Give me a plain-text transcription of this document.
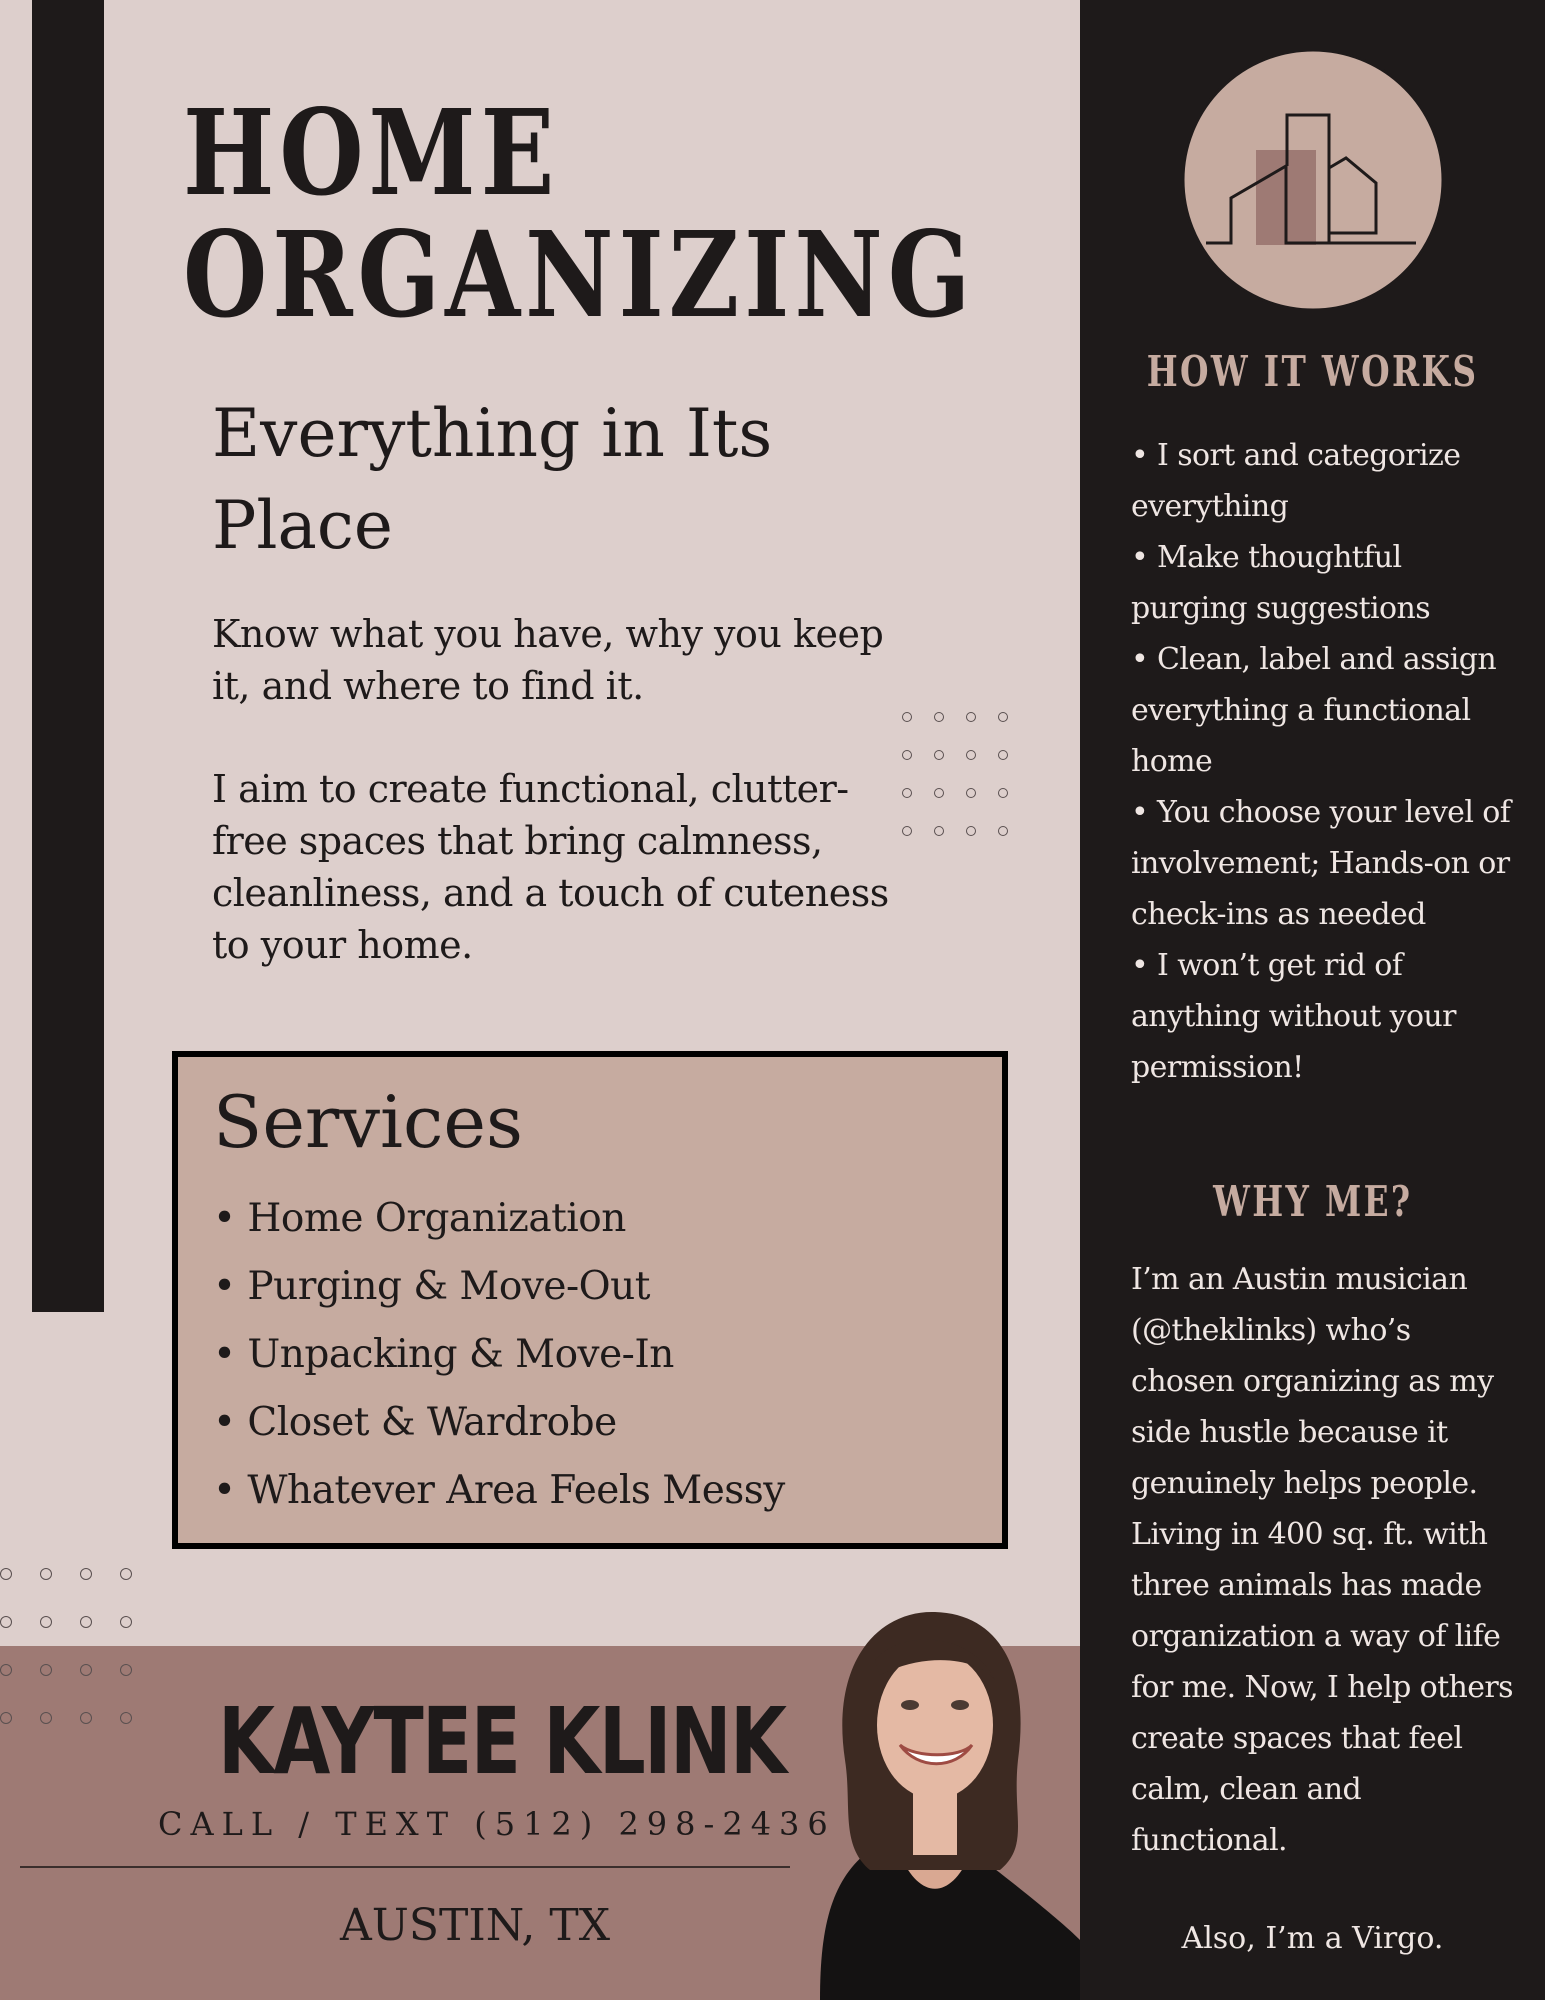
HOME
ORGANIZING
Everything in Its Place

Know what you have, why you keep it, and where to find it.

I aim to create functional, clutter-free spaces that bring calmness, cleanliness, and a touch of cuteness to your home.

Services
• Home Organization
• Purging & Move-Out
• Unpacking & Move-In
• Closet & Wardrobe
• Whatever Area Feels Messy

KAYTEE KLINK

CALL / TEXT (512) 298-2436

AUSTIN, TX

HOW IT WORKS
• I sort and categorize everything
• Make thoughtful purging suggestions
• Clean, label and assign everything a functional home
• You choose your level of involvement; Hands-on or check-ins as needed
• I won’t get rid of anything without your permission!
WHY ME?

I’m an Austin musician (@theklinks) who’s chosen organizing as my side hustle because it genuinely helps people. Living in 400 sq. ft. with three animals has made organization a way of life for me. Now, I help others create spaces that feel calm, clean and functional.

Also, I’m a Virgo.
